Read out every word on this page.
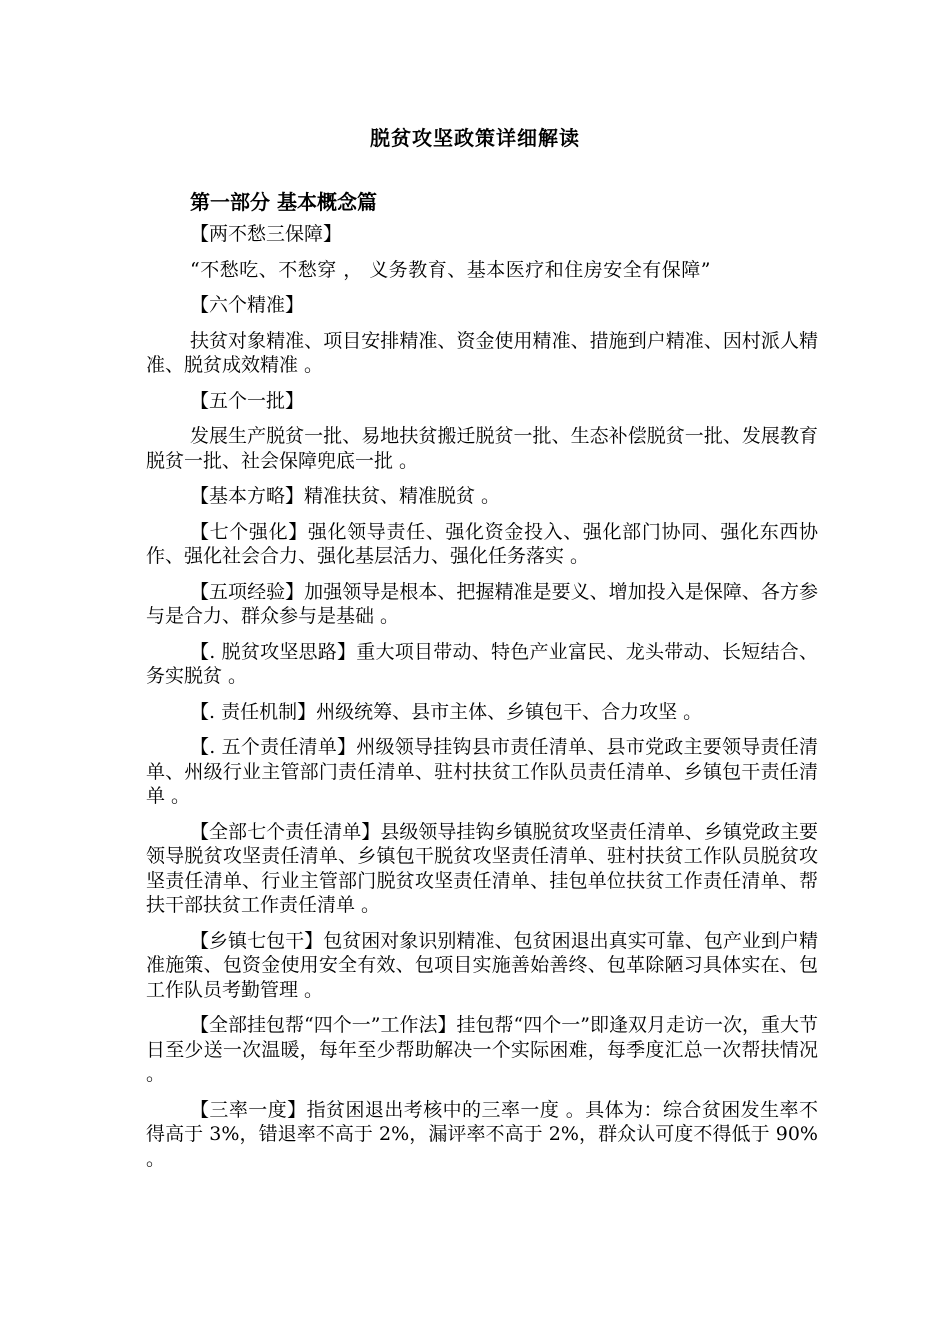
脱贫攻坚政策详细解读
第一部分 基本概念篇

【两不愁三保障】

“不愁吃、不愁穿 ， 义务教育、基本医疗和住房安全有保障”

【六个精准】

扶贫对象精准、项目安排精准、资金使用精准、措施到户精准、因村派人精准、脱贫成效精准 。

【五个一批】

发展生产脱贫一批、易地扶贫搬迁脱贫一批、生态补偿脱贫一批、发展教育脱贫一批、社会保障兜底一批 。

【基本方略】精准扶贫、精准脱贫 。

【七个强化】强化领导责任、强化资金投入、强化部门协同、强化东西协作、强化社会合力、强化基层活力、强化任务落实 。

【五项经验】加强领导是根本、把握精准是要义、增加投入是保障、各方参与是合力、群众参与是基础 。

【. 脱贫攻坚思路】重大项目带动、特色产业富民、龙头带动、长短结合、务实脱贫 。

【. 责任机制】州级统筹、县市主体、乡镇包干、合力攻坚 。

【. 五个责任清单】州级领导挂钩县市责任清单、县市党政主要领导责任清单、州级行业主管部门责任清单、驻村扶贫工作队员责任清单、乡镇包干责任清单 。

【全部七个责任清单】县级领导挂钩乡镇脱贫攻坚责任清单、乡镇党政主要领导脱贫攻坚责任清单、乡镇包干脱贫攻坚责任清单、驻村扶贫工作队员脱贫攻坚责任清单、行业主管部门脱贫攻坚责任清单、挂包单位扶贫工作责任清单、帮扶干部扶贫工作责任清单 。

【乡镇七包干】包贫困对象识别精准、包贫困退出真实可靠、包产业到户精准施策、包资金使用安全有效、包项目实施善始善终、包革除陋习具体实在、包工作队员考勤管理 。

【全部挂包帮“四个一”工作法】挂包帮“四个一”即逢双月走访一次，重大节日至少送一次温暖，每年至少帮助解决一个实际困难，每季度汇总一次帮扶情况 。

【三率一度】指贫困退出考核中的三率一度 。具体为：综合贫困发生率不得高于 3%，错退率不高于 2%，漏评率不高于 2%，群众认可度不得低于 90% 。
